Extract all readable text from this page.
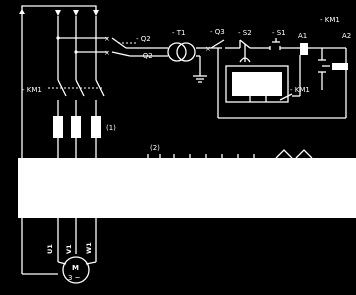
×
×
- Q2
- Q2
- T1
×
- Q3 - S2	- S1
- KM1
A1	A2
- KM1
- KM1
(1)
(2)
U1 V1 W1
M
3 ~
